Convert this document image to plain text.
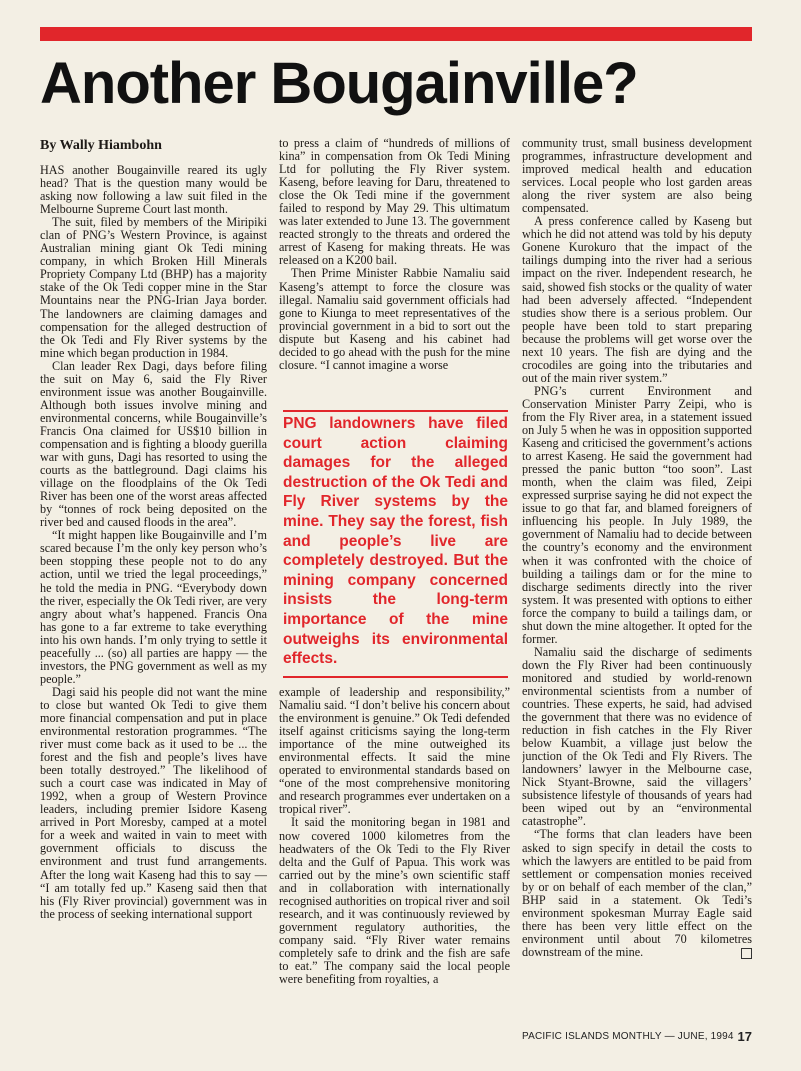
Another Bougainville?
By Wally Hiambohn

HAS another Bougainville reared its ugly head? That is the question many would be asking now following a law suit filed in the Melbourne Supreme Court last month.

The suit, filed by members of the Miripiki clan of PNG’s Western Province, is against Australian mining giant Ok Tedi mining company, in which Broken Hill Minerals Propriety Company Ltd (BHP) has a majority stake of the Ok Tedi copper mine in the Star Mountains near the PNG-Irian Jaya border. The landowners are claiming damages and compensation for the alleged destruction of the Ok Tedi and Fly River systems by the mine which began production in 1984.

Clan leader Rex Dagi, days before filing the suit on May 6, said the Fly River environment issue was another Bougainville. Although both issues involve mining and environmental concerns, while Bougainville’s Francis Ona claimed for US$10 billion in compensation and is fighting a bloody guerilla war with guns, Dagi has resorted to using the courts as the battleground. Dagi claims his village on the floodplains of the Ok Tedi River has been one of the worst areas affected by “tonnes of rock being deposited on the river bed and caused floods in the area”.

“It might happen like Bougainville and I’m scared because I’m the only key person who’s been stopping these people not to do any action, until we tried the legal proceedings,” he told the media in PNG. “Everybody down the river, especially the Ok Tedi river, are very angry about what’s happened. Francis Ona has gone to a far extreme to take everything into his own hands. I’m only trying to settle it peacefully ... (so) all parties are happy — the investors, the PNG government as well as my people.”

Dagi said his people did not want the mine to close but wanted Ok Tedi to give them more financial compensation and put in place environmental restoration programmes. “The river must come back as it used to be ... the forest and the fish and people’s lives have been totally destroyed.” The likelihood of such a court case was indicated in May of 1992, when a group of Western Province leaders, including premier Isidore Kaseng arrived in Port Moresby, camped at a motel for a week and waited in vain to meet with government officials to discuss the environment and trust fund arrangements. After the long wait Kaseng had this to say — “I am totally fed up.” Kaseng said then that his (Fly River provincial) government was in the process of seeking international support

to press a claim of “hundreds of millions of kina” in compensation from Ok Tedi Mining Ltd for polluting the Fly River system. Kaseng, before leaving for Daru, threatened to close the Ok Tedi mine if the government failed to respond by May 29. This ultimatum was later extended to June 13. The government reacted strongly to the threats and ordered the arrest of Kaseng for making threats. He was released on a K200 bail.

Then Prime Minister Rabbie Namaliu said Kaseng’s attempt to force the closure was illegal. Namaliu said government officials had gone to Kiunga to meet representatives of the provincial government in a bid to sort out the dispute but Kaseng and his cabinet had decided to go ahead with the push for the mine closure. “I cannot imagine a worse

PNG landowners have filed court action claiming damages for the alleged destruction of the Ok Tedi and Fly River systems by the mine. They say the forest, fish and people’s live are completely destroyed. But the mining company concerned insists the long-term importance of the mine outweighs its environmental effects.

example of leadership and responsibility,” Namaliu said. “I don’t belive his concern about the environment is genuine.” Ok Tedi defended itself against criticisms saying the long-term importance of the mine outweighed its environmental effects. It said the mine operated to environmental standards based on “one of the most comprehensive monitoring and research programmes ever undertaken on a tropical river”.

It said the monitoring began in 1981 and now covered 1000 kilometres from the headwaters of the Ok Tedi to the Fly River delta and the Gulf of Papua. This work was carried out by the mine’s own scientific staff and in collaboration with internationally recognised authorities on tropical river and soil research, and it was continuously reviewed by government regulatory authorities, the company said. “Fly River water remains completely safe to drink and the fish are safe to eat.” The company said the local people were benefiting from royalties, a

community trust, small business development programmes, infrastructure development and improved medical health and education services. Local people who lost garden areas along the river system are also being compensated.

A press conference called by Kaseng but which he did not attend was told by his deputy Gonene Kurokuro that the impact of the tailings dumping into the river had a serious impact on the river. Independent research, he said, showed fish stocks or the quality of water had been adversely affected. “Independent studies show there is a serious problem. Our people have been told to start preparing because the problems will get worse over the next 10 years. The fish are dying and the crocodiles are going into the tributaries and out of the main river system.”

PNG’s current Environment and Conservation Minister Parry Zeipi, who is from the Fly River area, in a statement issued on July 5 when he was in opposition supported Kaseng and criticised the government’s actions to arrest Kaseng. He said the government had pressed the panic button “too soon”. Last month, when the claim was filed, Zeipi expressed surprise saying he did not expect the issue to go that far, and blamed foreigners of influencing his people. In July 1989, the government of Namaliu had to decide between the country’s economy and the environment when it was confronted with the choice of building a tailings dam or for the mine to discharge sediments directly into the river system. It was presented with options to either force the company to build a tailings dam, or shut down the mine altogether. It opted for the former.

Namaliu said the discharge of sediments down the Fly River had been continuously monitored and studied by world-renown environmental scientists from a number of countries. These experts, he said, had advised the government that there was no evidence of reduction in fish catches in the Fly River below Kuambit, a village just below the junction of the Ok Tedi and Fly Rivers. The landowners’ lawyer in the Melbourne case, Nick Styant-Browne, said the villagers’ subsistence lifestyle of thousands of years had been wiped out by an “environmental catastrophe”.

“The forms that clan leaders have been asked to sign specify in detail the costs to which the lawyers are entitled to be paid from settlement or compensation monies received by or on behalf of each member of the clan,” BHP said in a statement. Ok Tedi’s environment spokesman Murray Eagle said there has been very little effect on the environment until about 70 kilometres downstream of the mine.

PACIFIC ISLANDS MONTHLY — JUNE, 1994 17
